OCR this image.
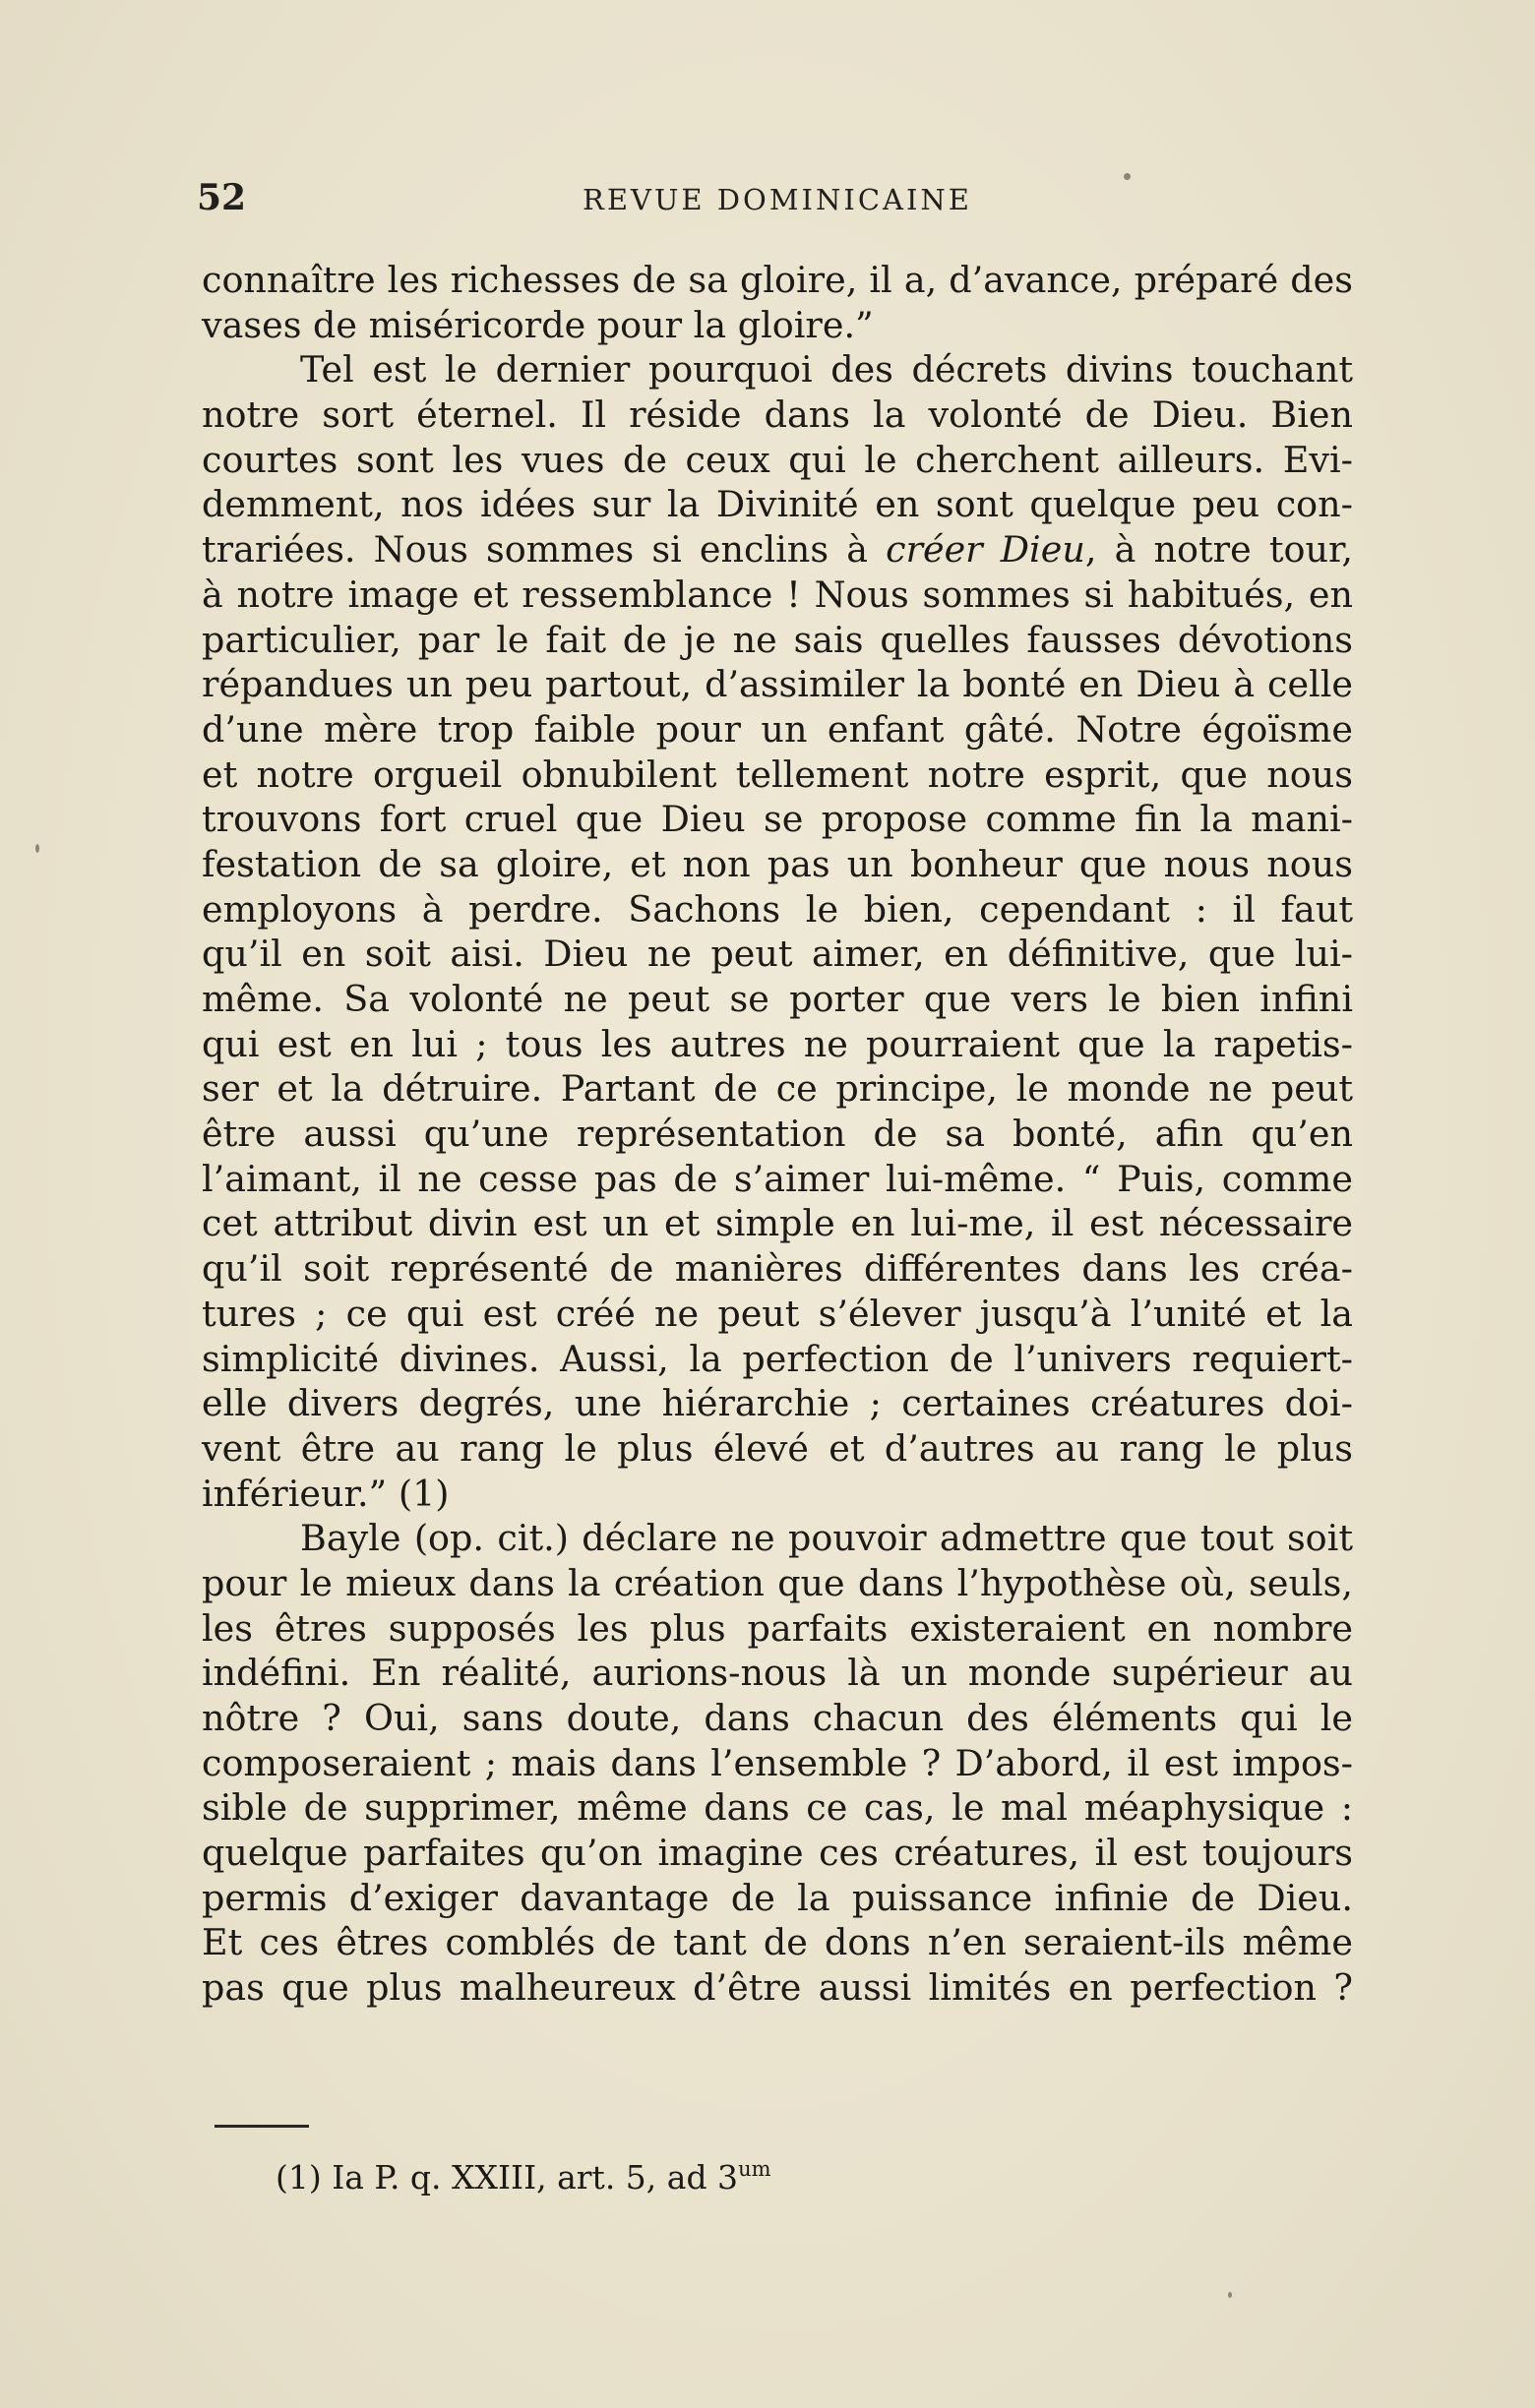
52	REVUE DOMINICAINE
connaître les richesses de sa gloire, il a, d’avance, préparé des
vases de miséricorde pour la gloire.”
Tel est le dernier pourquoi des décrets divins touchant
notre sort éternel. Il réside dans la volonté de Dieu. Bien
courtes sont les vues de ceux qui le cherchent ailleurs. Evi-
demment, nos idées sur la Divinité en sont quelque peu con-
trariées. Nous sommes si enclins à créer Dieu, à notre tour,
à notre image et ressemblance ! Nous sommes si habitués, en
particulier, par le fait de je ne sais quelles fausses dévotions
répandues un peu partout, d’assimiler la bonté en Dieu à celle
d’une mère trop faible pour un enfant gâté. Notre égoïsme
et notre orgueil obnubilent tellement notre esprit, que nous
trouvons fort cruel que Dieu se propose comme fin la mani-
festation de sa gloire, et non pas un bonheur que nous nous
employons à perdre. Sachons le bien, cependant : il faut
qu’il en soit aisi. Dieu ne peut aimer, en définitive, que lui-
même. Sa volonté ne peut se porter que vers le bien infini
qui est en lui ; tous les autres ne pourraient que la rapetis-
ser et la détruire. Partant de ce principe, le monde ne peut
être aussi qu’une représentation de sa bonté, afin qu’en
l’aimant, il ne cesse pas de s’aimer lui-même. “ Puis, comme
cet attribut divin est un et simple en lui-me, il est nécessaire
qu’il soit représenté de manières différentes dans les créa-
tures ; ce qui est créé ne peut s’élever jusqu’à l’unité et la
simplicité divines. Aussi, la perfection de l’univers requiert-
elle divers degrés, une hiérarchie ; certaines créatures doi-
vent être au rang le plus élevé et d’autres au rang le plus
inférieur.” (1)
Bayle (op. cit.) déclare ne pouvoir admettre que tout soit
pour le mieux dans la création que dans l’hypothèse où, seuls,
les êtres supposés les plus parfaits existeraient en nombre
indéfini. En réalité, aurions-nous là un monde supérieur au
nôtre ? Oui, sans doute, dans chacun des éléments qui le
composeraient ; mais dans l’ensemble ? D’abord, il est impos-
sible de supprimer, même dans ce cas, le mal méaphysique :
quelque parfaites qu’on imagine ces créatures, il est toujours
permis d’exiger davantage de la puissance infinie de Dieu.
Et ces êtres comblés de tant de dons n’en seraient-ils même
pas que plus malheureux d’être aussi limités en perfection ?
(1) Ia P. q. XXIII, art. 5, ad $3^{um}$
